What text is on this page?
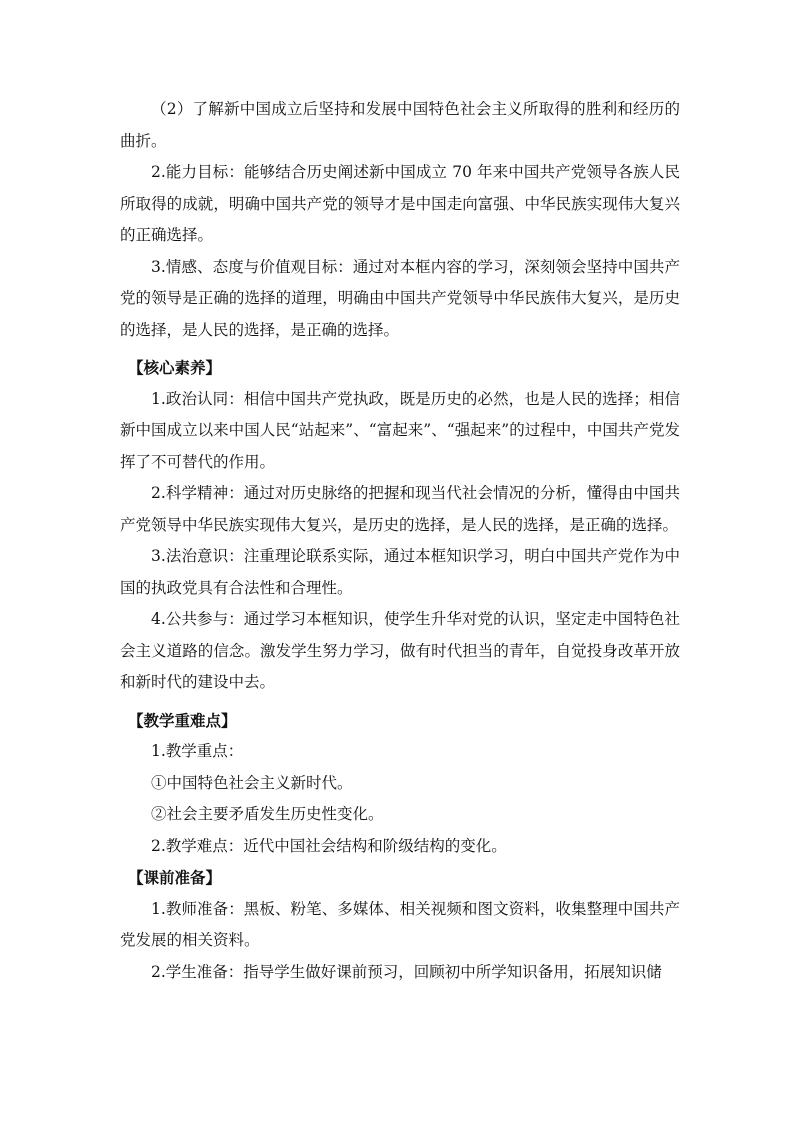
（2）了解新中国成立后坚持和发展中国特色社会主义所取得的胜利和经历的曲折。

2.能力目标：能够结合历史阐述新中国成立 70 年来中国共产党领导各族人民所取得的成就，明确中国共产党的领导才是中国走向富强、中华民族实现伟大复兴的正确选择。

3.情感、态度与价值观目标：通过对本框内容的学习，深刻领会坚持中国共产党的领导是正确的选择的道理，明确由中国共产党领导中华民族伟大复兴，是历史的选择，是人民的选择，是正确的选择。

【核心素养】

1.政治认同：相信中国共产党执政，既是历史的必然，也是人民的选择；相信新中国成立以来中国人民“站起来”、“富起来”、“强起来”的过程中，中国共产党发挥了不可替代的作用。

2.科学精神：通过对历史脉络的把握和现当代社会情况的分析，懂得由中国共产党领导中华民族实现伟大复兴，是历史的选择，是人民的选择，是正确的选择。

3.法治意识：注重理论联系实际，通过本框知识学习，明白中国共产党作为中国的执政党具有合法性和合理性。

4.公共参与：通过学习本框知识，使学生升华对党的认识，坚定走中国特色社会主义道路的信念。激发学生努力学习，做有时代担当的青年，自觉投身改革开放和新时代的建设中去。

【教学重难点】

1.教学重点：

①中国特色社会主义新时代。

②社会主要矛盾发生历史性变化。

2.教学难点：近代中国社会结构和阶级结构的变化。

【课前准备】

1.教师准备：黑板、粉笔、多媒体、相关视频和图文资料，收集整理中国共产党发展的相关资料。

2.学生准备：指导学生做好课前预习，回顾初中所学知识备用，拓展知识储
